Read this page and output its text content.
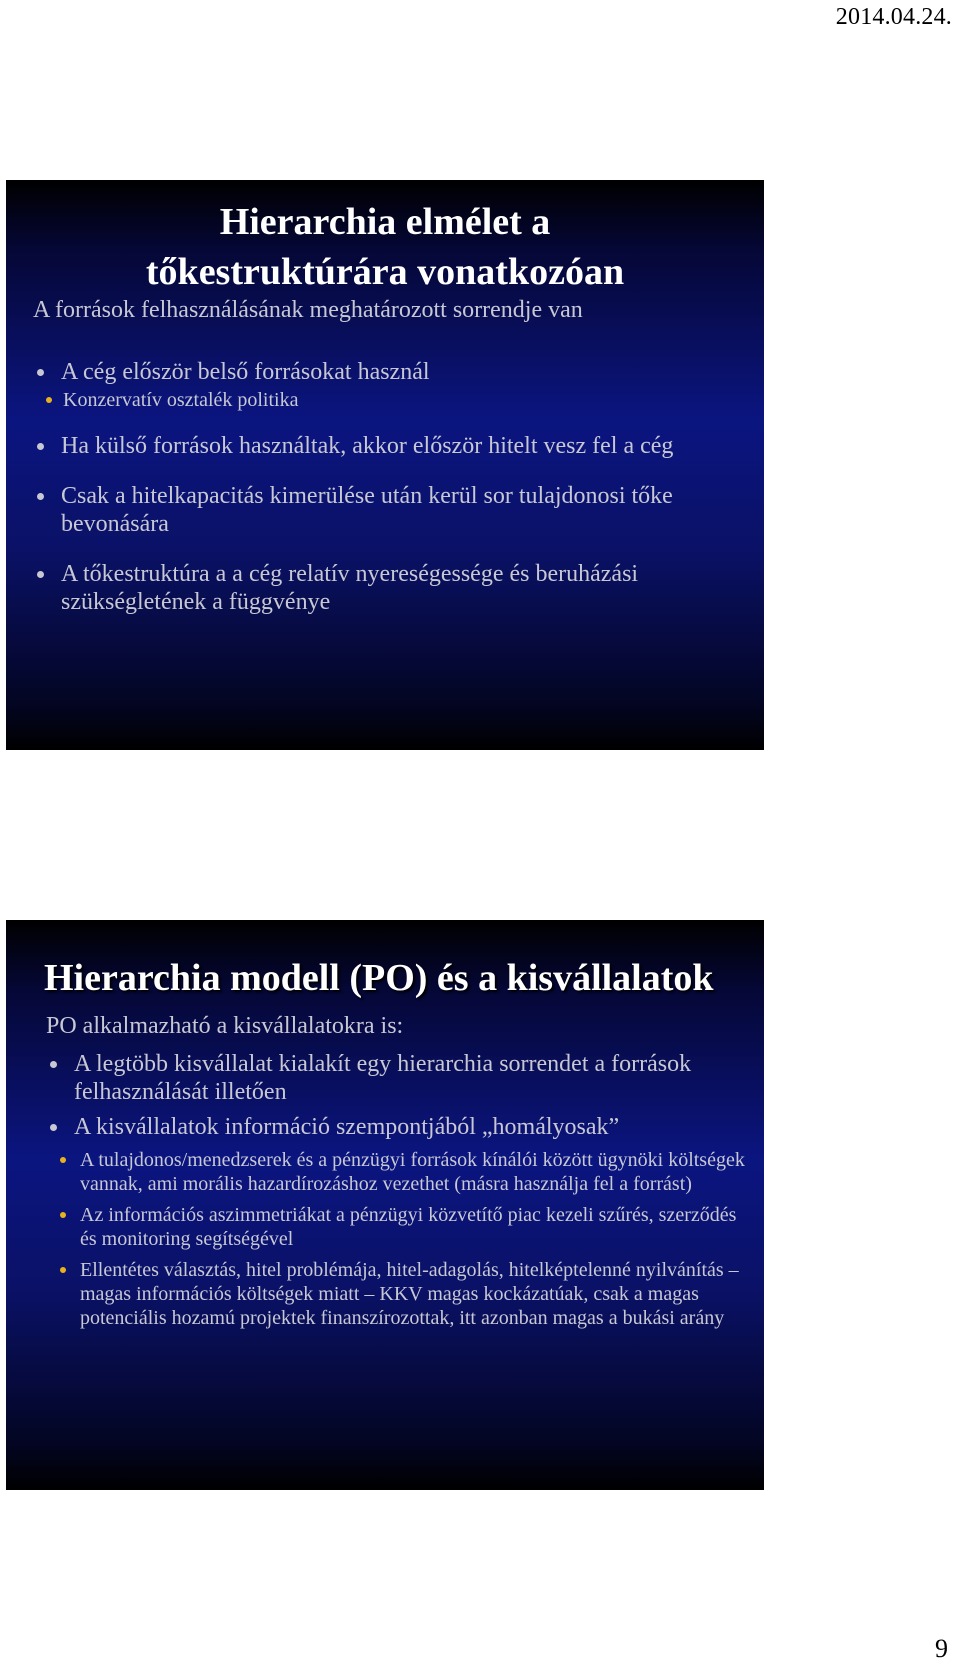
2014.04.24.
Hierarchia elmélet a
tőkestruktúrára vonatkozóan

A források felhasználásának meghatározott sorrendje van

A cég először belső forrásokat használ
Konzervatív osztalék politika
Ha külső források használtak, akkor először hitelt vesz fel a cég
Csak a hitelkapacitás kimerülése után kerül sor tulajdonosi tőke bevonására
A tőkestruktúra a a cég relatív nyereségessége és beruházási szükségletének a függvénye
Hierarchia modell (PO) és a kisvállalatok

PO alkalmazható a kisvállalatokra is:

A legtöbb kisvállalat kialakít egy hierarchia sorrendet a források felhasználását illetően
A kisvállalatok információ szempontjából „homályosak”
A tulajdonos/menedzserek és a pénzügyi források kínálói között ügynöki költségek vannak, ami morális hazardírozáshoz vezethet (másra használja fel a forrást)
Az információs aszimmetriákat a pénzügyi közvetítő piac kezeli szűrés, szerződés és monitoring segítségével
Ellentétes választás, hitel problémája, hitel-adagolás, hitelképtelenné nyilvánítás – magas információs költségek miatt – KKV magas kockázatúak, csak a magas potenciális hozamú projektek finanszírozottak, itt azonban magas a bukási arány
9
